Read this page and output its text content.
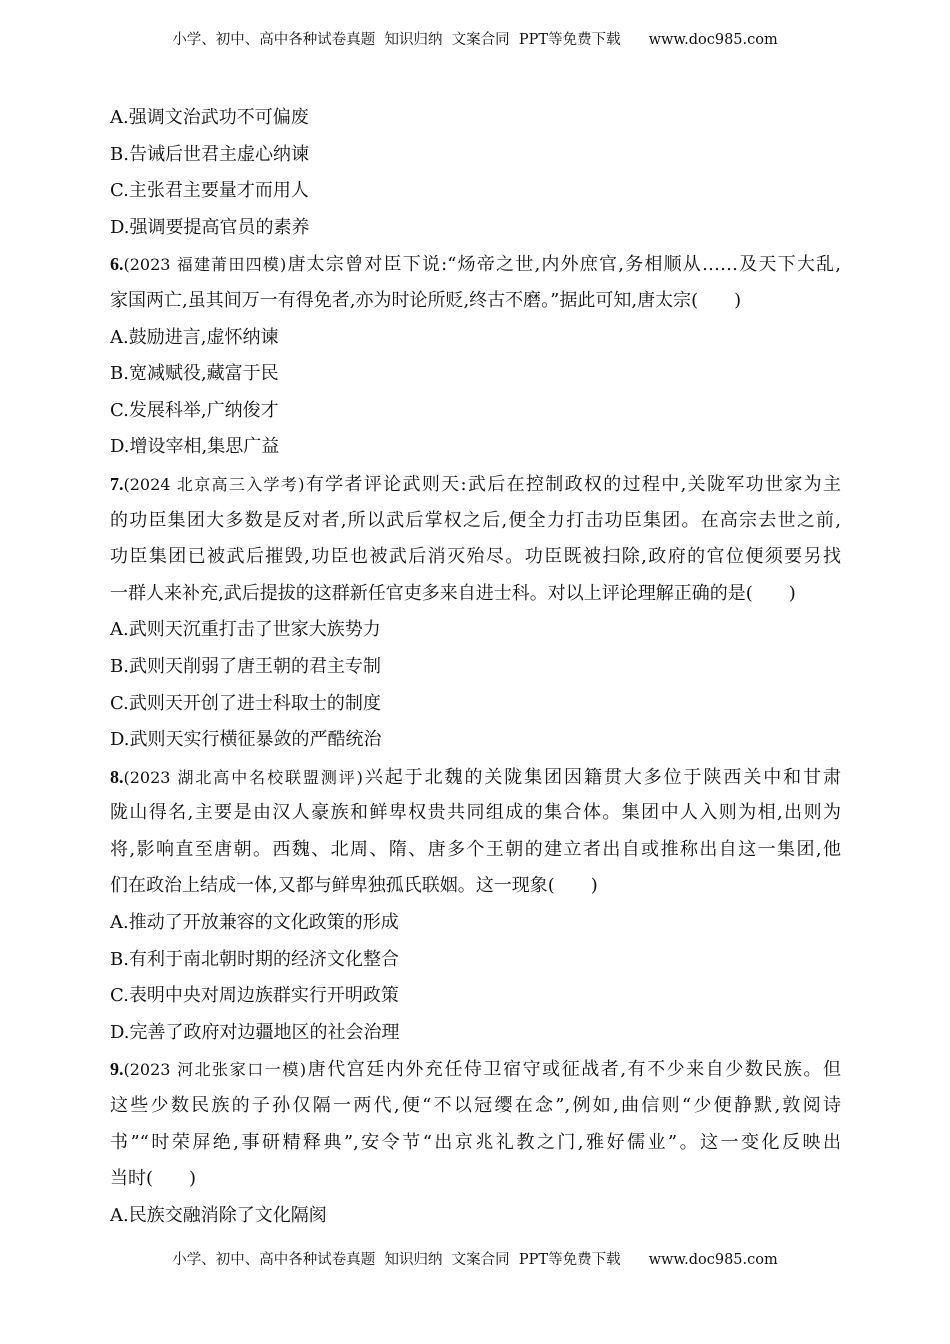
小学、初中、高中各种试卷真题  知识归纳  文案合同  PPT等免费下载 www.doc985.com
A.强调文治武功不可偏废
B.告诫后世君主虚心纳谏
C.主张君主要量才而用人
D.强调要提高官员的素养
6.(2023 福建莆田四模)唐太宗曾对臣下说:“炀帝之世,内外庶官,务相顺从……及天下大乱,
家国两亡,虽其间万一有得免者,亦为时论所贬,终古不磨。”据此可知,唐太宗(　　)
A.鼓励进言,虚怀纳谏
B.宽减赋役,藏富于民
C.发展科举,广纳俊才
D.增设宰相,集思广益
7.(2024 北京高三入学考)有学者评论武则天:武后在控制政权的过程中,关陇军功世家为主
的功臣集团大多数是反对者,所以武后掌权之后,便全力打击功臣集团。在高宗去世之前,
功臣集团已被武后摧毁,功臣也被武后消灭殆尽。功臣既被扫除,政府的官位便须要另找
一群人来补充,武后提拔的这群新任官吏多来自进士科。对以上评论理解正确的是(　　)
A.武则天沉重打击了世家大族势力
B.武则天削弱了唐王朝的君主专制
C.武则天开创了进士科取士的制度
D.武则天实行横征暴敛的严酷统治
8.(2023 湖北高中名校联盟测评)兴起于北魏的关陇集团因籍贯大多位于陕西关中和甘肃
陇山得名,主要是由汉人豪族和鲜卑权贵共同组成的集合体。集团中人入则为相,出则为
将,影响直至唐朝。西魏、北周、隋、唐多个王朝的建立者出自或推称出自这一集团,他
们在政治上结成一体,又都与鲜卑独孤氏联姻。这一现象(　　)
A.推动了开放兼容的文化政策的形成
B.有利于南北朝时期的经济文化整合
C.表明中央对周边族群实行开明政策
D.完善了政府对边疆地区的社会治理
9.(2023 河北张家口一模)唐代宫廷内外充任侍卫宿守或征战者,有不少来自少数民族。但
这些少数民族的子孙仅隔一两代,便“不以冠缨在念”,例如,曲信则“少便静默,敦阅诗
书”“时荣屏绝,事研精释典”,安令节“出京兆礼教之门,雅好儒业”。这一变化反映出
当时(　　)
A.民族交融消除了文化隔阂
小学、初中、高中各种试卷真题  知识归纳  文案合同  PPT等免费下载 www.doc985.com
